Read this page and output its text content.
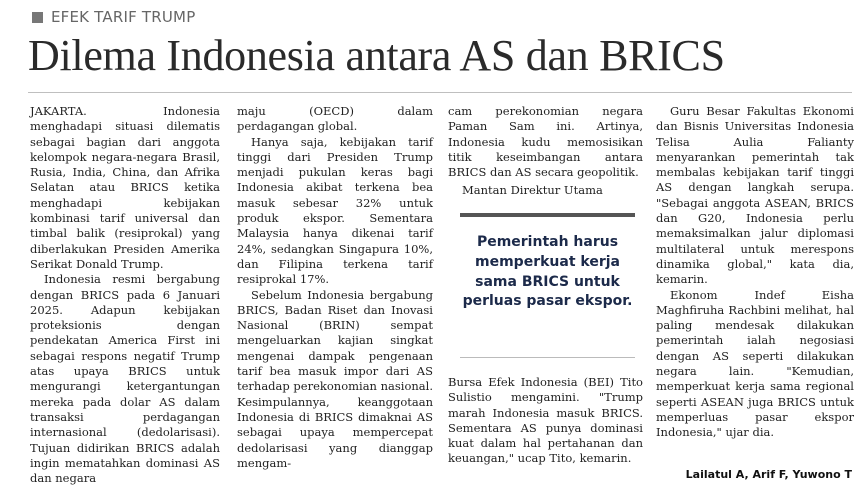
EFEK TARIF TRUMP
Dilema Indonesia antara AS dan BRICS

JAKARTA. Indonesia menghadapi situasi dilematis sebagai bagian dari anggota kelompok negara-negara Brasil, Rusia, India, China, dan Afrika Selatan atau BRICS ketika menghadapi kebijakan kombinasi tarif universal dan timbal balik (resiprokal) yang diberlakukan Presiden Amerika Serikat Donald Trump.

Indonesia resmi bergabung dengan BRICS pada 6 Januari 2025. Adapun kebijakan proteksionis dengan pendekatan America First ini sebagai respons negatif Trump atas upaya BRICS untuk mengurangi ketergantungan mereka pada dolar AS dalam transaksi perdagangan internasional (dedolarisasi). Tujuan didirikan BRICS adalah ingin mematahkan dominasi AS dan negara

maju (OECD) dalam perdagangan global.

Hanya saja, kebijakan tarif tinggi dari Presiden Trump menjadi pukulan keras bagi Indonesia akibat terkena bea masuk sebesar 32% untuk produk ekspor. Sementara Malaysia hanya dikenai tarif 24%, sedangkan Singapura 10%, dan Filipina terkena tarif resiprokal 17%.

Sebelum Indonesia bergabung BRICS, Badan Riset dan Inovasi Nasional (BRIN) sempat mengeluarkan kajian singkat mengenai dampak pengenaan tarif bea masuk impor dari AS terhadap perekonomian nasional. Kesimpulannya, keanggotaan Indonesia di BRICS dimaknai AS sebagai upaya mempercepat dedolarisasi yang dianggap mengam-

cam perekonomian negara Paman Sam ini. Artinya, Indonesia kudu memosisikan titik keseimbangan antara BRICS dan AS secara geopolitik.

Mantan Direktur Utama

Pemerintah harus memperkuat kerja sama BRICS untuk perluas pasar ekspor.

Bursa Efek Indonesia (BEI) Tito Sulistio mengamini. "Trump marah Indonesia masuk BRICS. Sementara AS punya dominasi kuat dalam hal pertahanan dan keuangan," ucap Tito, kemarin.

Guru Besar Fakultas Ekonomi dan Bisnis Universitas Indonesia Telisa Aulia Falianty menyarankan pemerintah tak membalas kebijakan tarif tinggi AS dengan langkah serupa. "Sebagai anggota ASEAN, BRICS dan G20, Indonesia perlu memaksimalkan jalur diplomasi multilateral untuk merespons dinamika global," kata dia, kemarin.

Ekonom Indef Eisha Maghfiruha Rachbini melihat, hal paling mendesak dilakukan pemerintah ialah negosiasi dengan AS seperti dilakukan negara lain. "Kemudian, memperkuat kerja sama regional seperti ASEAN juga BRICS untuk memperluas pasar ekspor Indonesia," ujar dia.

Lailatul A, Arif F, Yuwono T
